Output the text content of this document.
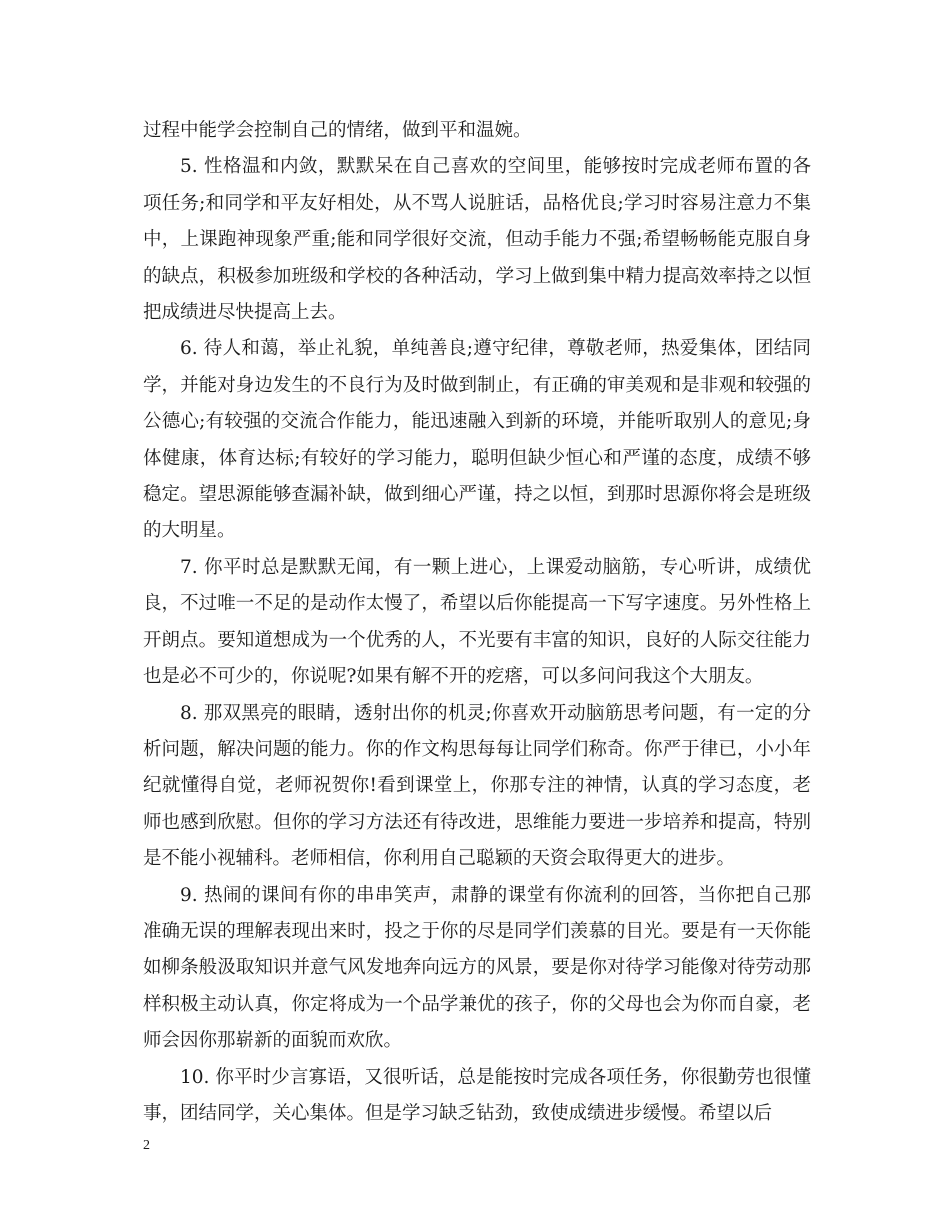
过程中能学会控制自己的情绪，做到平和温婉。

5. 性格温和内敛，默默呆在自己喜欢的空间里，能够按时完成老师布置的各项任务;和同学和平友好相处，从不骂人说脏话，品格优良;学习时容易注意力不集中，上课跑神现象严重;能和同学很好交流，但动手能力不强;希望畅畅能克服自身的缺点，积极参加班级和学校的各种活动，学习上做到集中精力提高效率持之以恒把成绩进尽快提高上去。

6. 待人和蔼，举止礼貌，单纯善良;遵守纪律，尊敬老师，热爱集体，团结同学，并能对身边发生的不良行为及时做到制止，有正确的审美观和是非观和较强的公德心;有较强的交流合作能力，能迅速融入到新的环境，并能听取别人的意见;身体健康，体育达标;有较好的学习能力，聪明但缺少恒心和严谨的态度，成绩不够稳定。望思源能够查漏补缺，做到细心严谨，持之以恒，到那时思源你将会是班级的大明星。

7. 你平时总是默默无闻，有一颗上进心，上课爱动脑筋，专心听讲，成绩优良，不过唯一不足的是动作太慢了，希望以后你能提高一下写字速度。另外性格上开朗点。要知道想成为一个优秀的人，不光要有丰富的知识，良好的人际交往能力也是必不可少的，你说呢?如果有解不开的疙瘩，可以多问问我这个大朋友。

8. 那双黑亮的眼睛，透射出你的机灵;你喜欢开动脑筋思考问题，有一定的分析问题，解决问题的能力。你的作文构思每每让同学们称奇。你严于律已，小小年纪就懂得自觉，老师祝贺你!看到课堂上，你那专注的神情，认真的学习态度，老师也感到欣慰。但你的学习方法还有待改进，思维能力要进一步培养和提高，特别是不能小视辅科。老师相信，你利用自己聪颖的天资会取得更大的进步。

9. 热闹的课间有你的串串笑声，肃静的课堂有你流利的回答，当你把自己那准确无误的理解表现出来时，投之于你的尽是同学们羡慕的目光。要是有一天你能如柳条般汲取知识并意气风发地奔向远方的风景，要是你对待学习能像对待劳动那样积极主动认真，你定将成为一个品学兼优的孩子，你的父母也会为你而自豪，老师会因你那崭新的面貌而欢欣。

10. 你平时少言寡语，又很听话，总是能按时完成各项任务，你很勤劳也很懂事，团结同学，关心集体。但是学习缺乏钻劲，致使成绩进步缓慢。希望以后

2
